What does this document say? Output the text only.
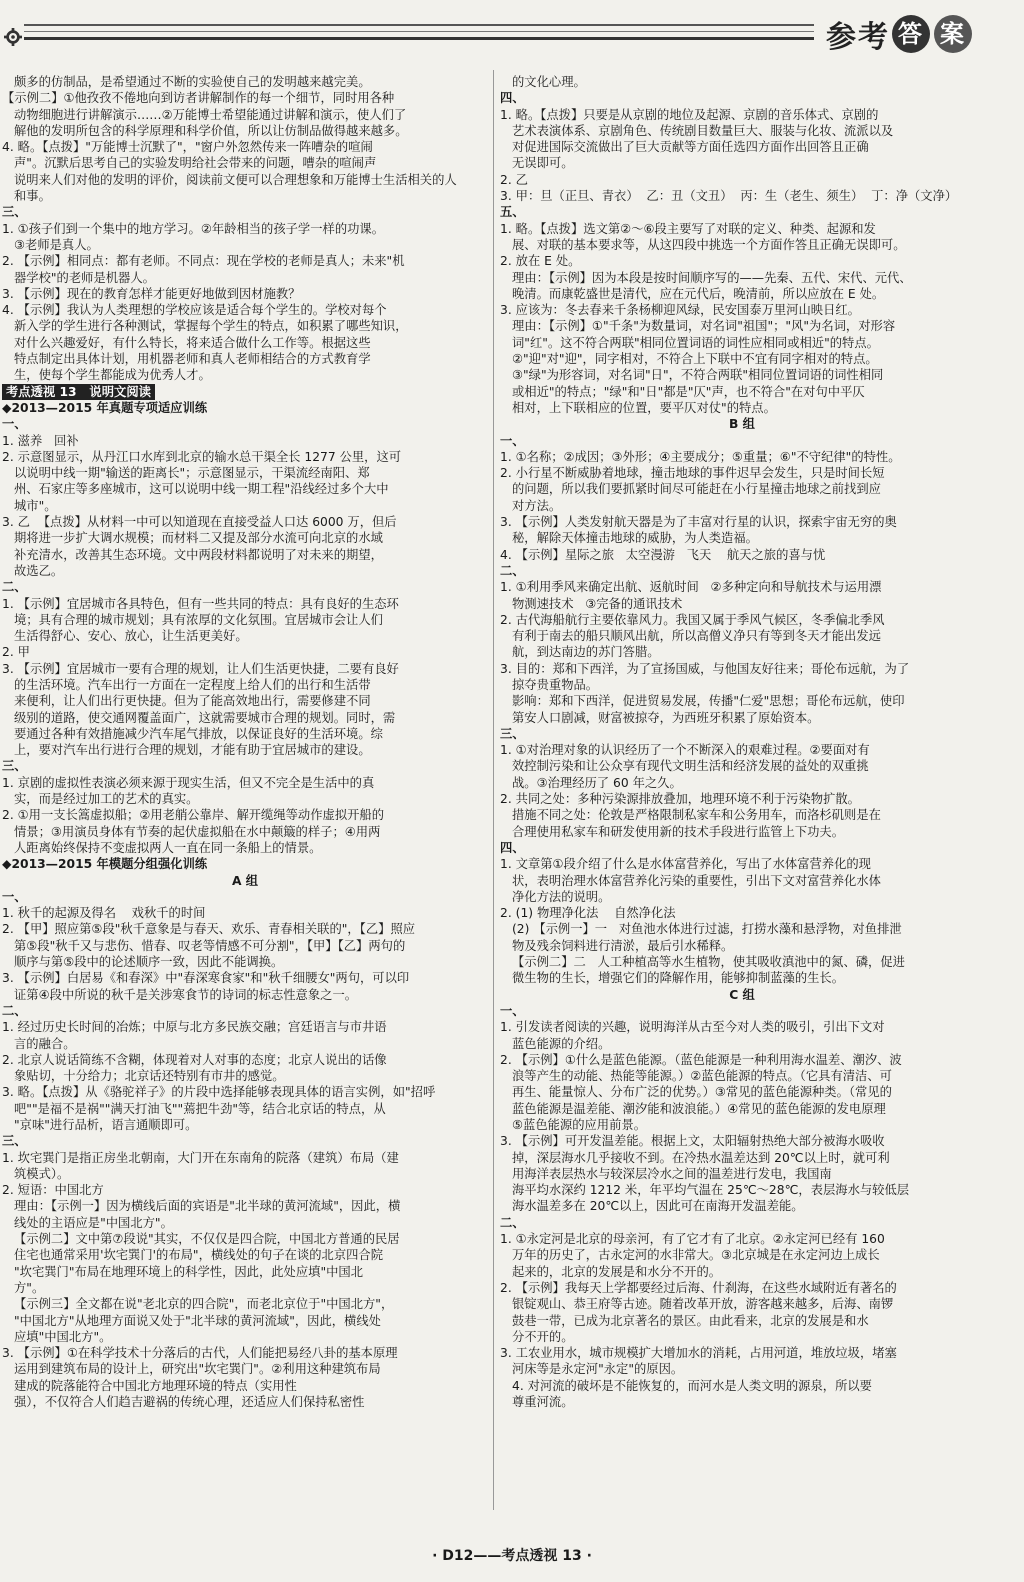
参考 答 案

颇多的仿制品，是希望通过不断的实验使自己的发明越来越完美。

【示例二】①他孜孜不倦地向到访者讲解制作的每一个细节，同时用各种

动物细胞进行讲解演示……②万能博士希望能通过讲解和演示，使人们了

解他的发明所包含的科学原理和科学价值，所以让仿制品做得越来越多。

4. 略。【点拨】"万能博士沉默了"，"窗户外忽然传来一阵嘈杂的喧闹

声"。沉默后思考自己的实验发明给社会带来的问题，嘈杂的喧闹声

说明来人们对他的发明的评价，阅读前文便可以合理想象和万能博士生活相关的人

和事。

三、

1. ①孩子们到一个集中的地方学习。②年龄相当的孩子学一样的功课。

③老师是真人。

2. 【示例】相同点：都有老师。不同点：现在学校的老师是真人；未来"机

器学校"的老师是机器人。

3. 【示例】现在的教育怎样才能更好地做到因材施教？

4. 【示例】我认为人类理想的学校应该是适合每个学生的。学校对每个

新入学的学生进行各种测试，掌握每个学生的特点，如积累了哪些知识，

对什么兴趣爱好，有什么特长，将来适合做什么工作等。根据这些

特点制定出具体计划，用机器老师和真人老师相结合的方式教育学

生，使每个学生都能成为优秀人才。

考点透视 13   说明文阅读

◆2013—2015 年真题专项适应训练

一、

1. 滋养   回补

2. 示意图显示，从丹江口水库到北京的输水总干渠全长 1277 公里，这可

以说明中线一期"输送的距离长"；示意图显示，干渠流经南阳、郑

州、石家庄等多座城市，这可以说明中线一期工程"沿线经过多个大中

城市"。

3. 乙  【点拨】从材料一中可以知道现在直接受益人口达 6000 万，但后

期将进一步扩大调水规模；而材料二又提及部分水流可向北京的水域

补充清水，改善其生态环境。文中两段材料都说明了对未来的期望，

故选乙。

二、

1. 【示例】宜居城市各具特色，但有一些共同的特点：具有良好的生态环

境；具有合理的城市规划；具有浓厚的文化氛围。宜居城市会让人们

生活得舒心、安心、放心，让生活更美好。

2. 甲

3. 【示例】宜居城市一要有合理的规划，让人们生活更快捷，二要有良好

的生活环境。汽车出行一方面在一定程度上给人们的出行和生活带

来便利，让人们出行更快捷。但为了能高效地出行，需要修建不同

级别的道路，使交通网覆盖面广，这就需要城市合理的规划。同时，需

要通过各种有效措施减少汽车尾气排放，以保证良好的生活环境。综

上，要对汽车出行进行合理的规划，才能有助于宜居城市的建设。

三、

1. 京剧的虚拟性表演必须来源于现实生活，但又不完全是生活中的真

实，而是经过加工的艺术的真实。

2. ①用一支长篙虚拟船；②用老艄公靠岸、解开缆绳等动作虚拟开船的

情景；③用演员身体有节奏的起伏虚拟船在水中颠簸的样子；④用两

人距离始终保持不变虚拟两人一直在同一条船上的情景。

◆2013—2015 年模题分组强化训练

A 组

一、

1. 秋千的起源及得名    戏秋千的时间

2. 【甲】照应第⑤段"秋千意象是与春天、欢乐、青春相关联的"，【乙】照应

第⑤段"秋千又与悲伤、惜春、叹老等情感不可分割"，【甲】【乙】两句的

顺序与第⑤段中的论述顺序一致，因此不能调换。

3. 【示例】白居易《和春深》中"春深寒食家"和"秋千细腰女"两句，可以印

证第④段中所说的秋千是关涉寒食节的诗词的标志性意象之一。

二、

1. 经过历史长时间的冶炼；中原与北方多民族交融；宫廷语言与市井语

言的融合。

2. 北京人说话简练不含糊，体现着对人对事的态度；北京人说出的话像

象贴切，十分给力；北京话还特别有市井的感觉。

3. 略。【点拨】从《骆驼祥子》的片段中选择能够表现具体的语言实例，如"招呼

吧""是福不是祸""满天打油飞""蔫把牛劲"等，结合北京话的特点，从

"京味"进行品析，语言通顺即可。

三、

1. 坎宅巽门是指正房坐北朝南，大门开在东南角的院落（建筑）布局（建

筑模式）。

2. 短语：中国北方

理由：【示例一】因为横线后面的宾语是"北半球的黄河流域"，因此，横

线处的主语应是"中国北方"。

【示例二】文中第⑦段说"其实，不仅仅是四合院，中国北方普通的民居

住宅也通常采用'坎宅巽门'的布局"，横线处的句子在谈的北京四合院

"坎宅巽门"布局在地理环境上的科学性，因此，此处应填"中国北

方"。

【示例三】全文都在说"老北京的四合院"，而老北京位于"中国北方"，

"中国北方"从地理方面说又处于"北半球的黄河流域"，因此，横线处

应填"中国北方"。

3. 【示例】①在科学技术十分落后的古代，人们能把易经八卦的基本原理

运用到建筑布局的设计上，研究出"坎宅巽门"。②利用这种建筑布局

建成的院落能符合中国北方地理环境的特点（实用性

强），不仅符合人们趋吉避祸的传统心理，还适应人们保持私密性

的文化心理。

四、

1. 略。【点拨】只要是从京剧的地位及起源、京剧的音乐体式、京剧的

艺术表演体系、京剧角色、传统剧目数量巨大、服装与化妆、流派以及

对促进国际交流做出了巨大贡献等方面任选四方面作出回答且正确

无误即可。

2. 乙

3. 甲：旦（正旦、青衣）  乙：丑（文丑）  丙：生（老生、须生）  丁：净（文净）

五、

1. 略。【点拨】选文第②～⑥段主要写了对联的定义、种类、起源和发

展、对联的基本要求等，从这四段中挑选一个方面作答且正确无误即可。

2. 放在 E 处。

理由：【示例】因为本段是按时间顺序写的——先秦、五代、宋代、元代、

晚清。而康乾盛世是清代，应在元代后，晚清前，所以应放在 E 处。

3. 应该为：冬去春来千条杨柳迎风绿，民安国泰万里河山映日红。

理由：【示例】①"千条"为数量词，对名词"祖国"；"风"为名词，对形容

词"红"。这不符合两联"相同位置词语的词性应相同或相近"的特点。

②"迎"对"迎"，同字相对，不符合上下联中不宜有同字相对的特点。

③"绿"为形容词，对名词"日"，不符合两联"相同位置词语的词性相同

或相近"的特点；"绿"和"日"都是"仄"声，也不符合"在对句中平仄

相对，上下联相应的位置，要平仄对仗"的特点。

B 组

一、

1. ①名称；②成因；③外形；④主要成分；⑤重量；⑥"不守纪律"的特性。

2. 小行星不断威胁着地球，撞击地球的事件迟早会发生，只是时间长短

的问题，所以我们要抓紧时间尽可能赶在小行星撞击地球之前找到应

对方法。

3. 【示例】人类发射航天器是为了丰富对行星的认识，探索宇宙无穷的奥

秘，解除天体撞击地球的威胁，为人类造福。

4. 【示例】星际之旅   太空漫游   飞天    航天之旅的喜与忧

二、

1. ①利用季风来确定出航、返航时间   ②多种定向和导航技术与运用漂

物测速技术   ③完备的通讯技术

2. 古代海船航行主要依靠风力。我国又属于季风气候区，冬季偏北季风

有利于南去的船只顺风出航，所以高僧义净只有等到冬天才能出发远

航，到达南边的苏门答腊。

3. 目的：郑和下西洋，为了宣扬国威，与他国友好往来；哥伦布远航，为了

掠夺贵重物品。

影响：郑和下西洋，促进贸易发展，传播"仁爱"思想；哥伦布远航，使印

第安人口剧减，财富被掠夺，为西班牙积累了原始资本。

三、

1. ①对治理对象的认识经历了一个不断深入的艰难过程。②要面对有

效控制污染和让公众享有现代文明生活和经济发展的益处的双重挑

战。③治理经历了 60 年之久。

2. 共同之处：多种污染源排放叠加，地理环境不利于污染物扩散。

措施不同之处：伦敦是严格限制私家车和公务用车，而洛杉矶则是在

合理使用私家车和研发使用新的技术手段进行监管上下功夫。

四、

1. 文章第①段介绍了什么是水体富营养化，写出了水体富营养化的现

状，表明治理水体富营养化污染的重要性，引出下文对富营养化水体

净化方法的说明。

2. (1) 物理净化法    自然净化法

(2) 【示例一】一   对鱼池水体进行过滤，打捞水藻和悬浮物，对鱼排泄

物及残余饲料进行清淤，最后引水稀释。

【示例二】二   人工种植高等水生植物，使其吸收滇池中的氮、磷，促进

微生物的生长，增强它们的降解作用，能够抑制蓝藻的生长。

C 组

一、

1. 引发读者阅读的兴趣，说明海洋从古至今对人类的吸引，引出下文对

蓝色能源的介绍。

2. 【示例】①什么是蓝色能源。（蓝色能源是一种利用海水温差、潮汐、波

浪等产生的动能、热能等能源。）②蓝色能源的特点。（它具有清洁、可

再生、能量惊人、分布广泛的优势。）③常见的蓝色能源种类。（常见的

蓝色能源是温差能、潮汐能和波浪能。）④常见的蓝色能源的发电原理

⑤蓝色能源的应用前景。

3. 【示例】可开发温差能。根据上文，太阳辐射热绝大部分被海水吸收

掉，深层海水几乎接收不到。在冷热水温差达到 20℃以上时，就可利

用海洋表层热水与较深层冷水之间的温差进行发电，我国南

海平均水深约 1212 米，年平均气温在 25℃～28℃，表层海水与较低层

海水温差多在 20℃以上，因此可在南海开发温差能。

二、

1. ①永定河是北京的母亲河，有了它才有了北京。②永定河已经有 160

万年的历史了，古永定河的水非常大。③北京城是在永定河边上成长

起来的，北京的发展是和水分不开的。

2. 【示例】我每天上学都要经过后海、什刹海，在这些水域附近有著名的

银锭观山、恭王府等古迹。随着改革开放，游客越来越多，后海、南锣

鼓巷一带，已成为北京著名的景区。由此看来，北京的发展是和水

分不开的。

3. 工农业用水，城市规模扩大增加水的消耗，占用河道，堆放垃圾，堵塞

河床等是永定河"永定"的原因。

4. 对河流的破坏是不能恢复的，而河水是人类文明的源泉，所以要

尊重河流。

· D12——考点透视 13 ·
